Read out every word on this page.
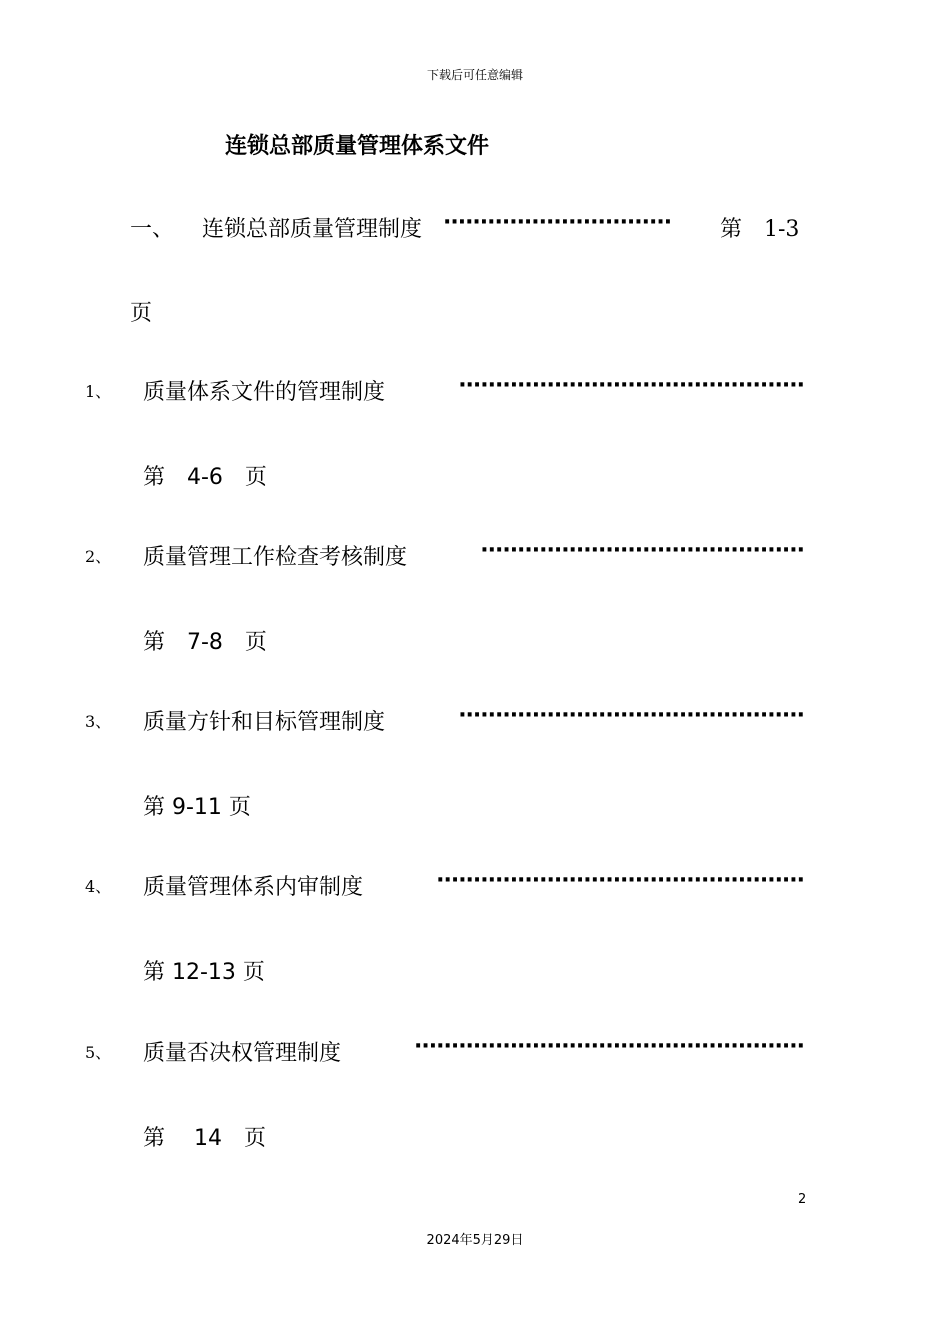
下载后可任意编辑
连锁总部质量管理体系文件
一、 连锁总部质量管理制度 ······························· 第　1-3
页
1、 质量体系文件的管理制度	···············································
第　4-6　页
2、 质量管理工作检查考核制度	············································
第　7-8　页
3、 质量方针和目标管理制度	···············································
第 9-11 页
4、 质量管理体系内审制度	··················································
第 12-13 页
5、 质量否决权管理制度	·····················································
第　 14　页
2
2024年5月29日
